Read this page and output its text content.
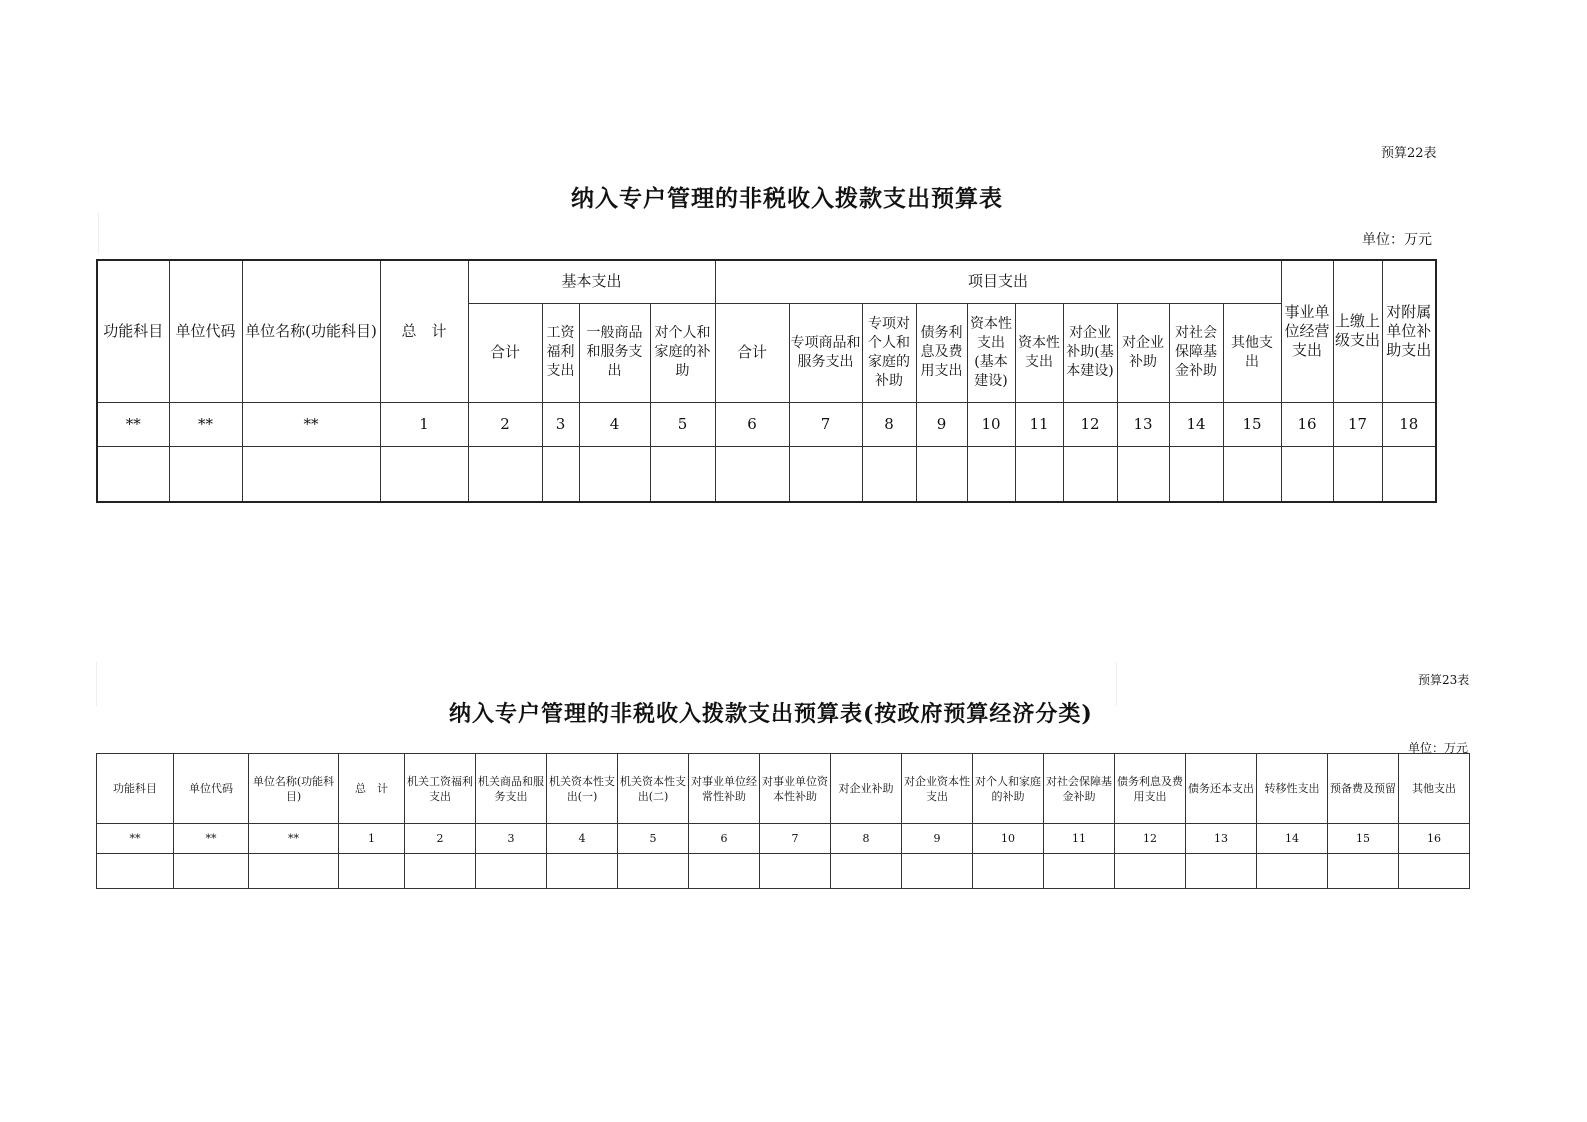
预算22表
纳入专户管理的非税收入拨款支出预算表
单位：万元
功能科目	单位代码	单位名称(功能科目)	总　计	基本支出				项目支出										事业单位经营支出	上缴上级支出	对附属单位补助支出
				合计	工资福利支出	一般商品和服务支出	对个人和家庭的补助	合计	专项商品和服务支出	专项对个人和家庭的补助	债务利息及费用支出	资本性支出(基本建设)	资本性支出	对企业补助(基本建设)	对企业补助	对社会保障基金补助	其他支出			
**	**	**	1	2	3	4	5	6	7	8	9	10	11	12	13	14	15	16	17	18

预算23表
纳入专户管理的非税收入拨款支出预算表(按政府预算经济分类)
单位：万元
功能科目	单位代码	单位名称(功能科目)	总　计	机关工资福利支出	机关商品和服务支出	机关资本性支出(一)	机关资本性支出(二)	对事业单位经常性补助	对事业单位资本性补助	对企业补助	对企业资本性支出	对个人和家庭的补助	对社会保障基金补助	债务利息及费用支出	债务还本支出	转移性支出	预备费及预留	其他支出
**	**	**	1	2	3	4	5	6	7	8	9	10	11	12	13	14	15	16
